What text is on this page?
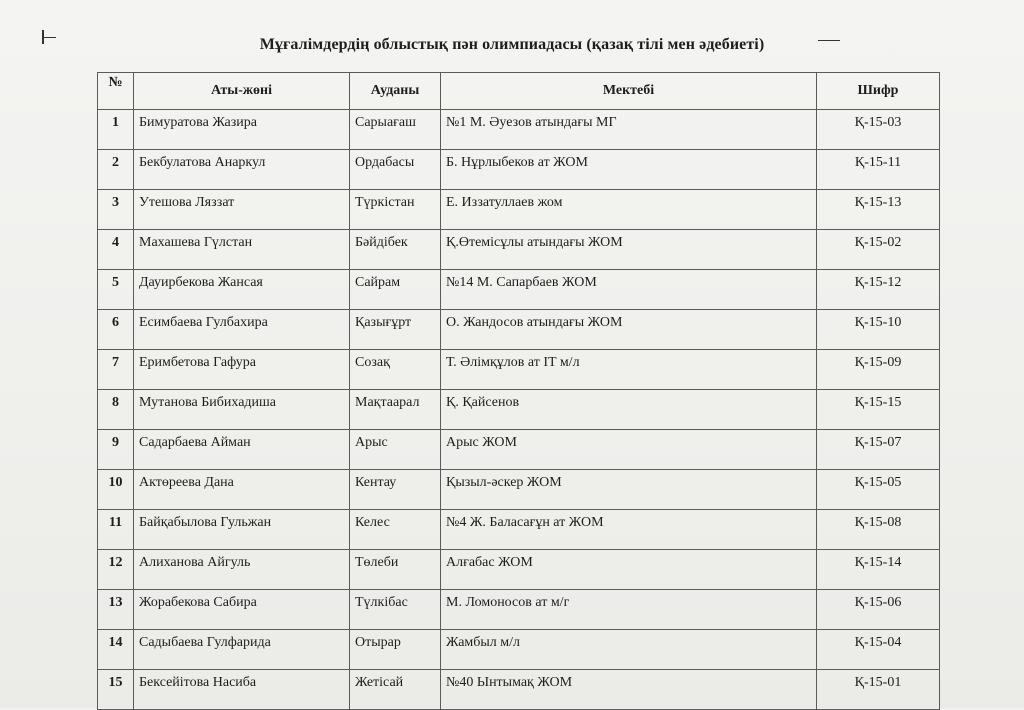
Мұғалімдердің облыстық пән олимпиадасы (қазақ тілі мен әдебиеті)
№	Аты-жөні	Ауданы	Мектебі	Шифр
1	Бимуратова Жазира	Сарыағаш	№1 М. Әуезов атындағы МГ	Қ-15-03
2	Бекбулатова Анаркул	Ордабасы	Б. Нұрлыбеков ат ЖОМ	Қ-15-11
3	Утешова Ляззат	Түркістан	Е. Иззатуллаев жом	Қ-15-13
4	Махашева Гүлстан	Бәйдібек	Қ.Өтемісұлы атындағы ЖОМ	Қ-15-02
5	Дауирбекова Жансая	Сайрам	№14 М. Сапарбаев ЖОМ	Қ-15-12
6	Есимбаева Гулбахира	Қазығұрт	О. Жандосов атындағы ЖОМ	Қ-15-10
7	Еримбетова Гафура	Созақ	Т. Әлімқұлов ат IT м/л	Қ-15-09
8	Мутанова Бибихадиша	Мақтаарал	Қ. Қайсенов	Қ-15-15
9	Садарбаева Айман	Арыс	Арыс ЖОМ	Қ-15-07
10	Актөреева Дана	Кентау	Қызыл-әскер ЖОМ	Қ-15-05
11	Байқабылова Гульжан	Келес	№4 Ж. Баласағұн ат ЖОМ	Қ-15-08
12	Алиханова Айгуль	Төлеби	Алғабас ЖОМ	Қ-15-14
13	Жорабекова Сабира	Түлкібас	М. Ломоносов ат м/г	Қ-15-06
14	Садыбаева Гулфарида	Отырар	Жамбыл м/л	Қ-15-04
15	Бексейітова Насиба	Жетісай	№40 Ынтымақ ЖОМ	Қ-15-01
